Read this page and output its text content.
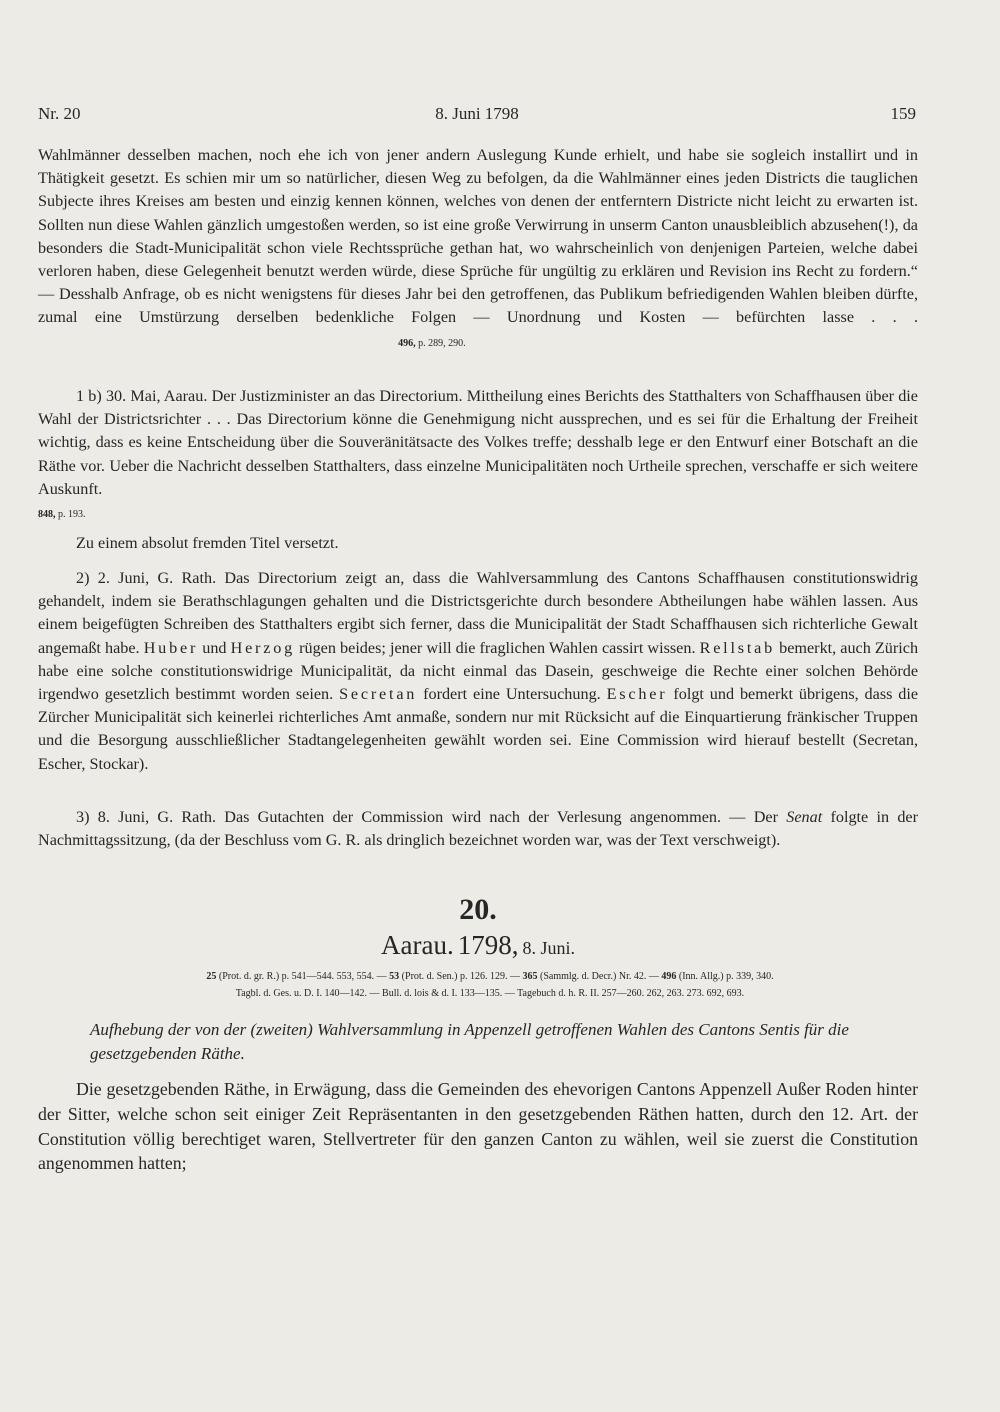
Nr. 20	8. Juni 1798	159

Wahlmänner desselben machen, noch ehe ich von jener andern Auslegung Kunde erhielt, und habe sie sogleich installirt und in Thätigkeit gesetzt. Es schien mir um so natürlicher, diesen Weg zu befolgen, da die Wahlmänner eines jeden Districts die tauglichen Subjecte ihres Kreises am besten und einzig kennen können, welches von denen der entferntern Districte nicht leicht zu erwarten ist. Sollten nun diese Wahlen gänzlich umgestoßen werden, so ist eine große Verwirrung in unserm Canton unausbleiblich abzusehen(!), da besonders die Stadt-Municipalität schon viele Rechtssprüche gethan hat, wo wahrscheinlich von denjenigen Parteien, welche dabei verloren haben, diese Gelegenheit benutzt werden würde, diese Sprüche für ungültig zu erklären und Revision ins Recht zu fordern.“ — Desshalb Anfrage, ob es nicht wenigstens für dieses Jahr bei den getroffenen, das Publikum befriedigenden Wahlen bleiben dürfte, zumal eine Umstürzung derselben bedenkliche Folgen — Unordnung und Kosten — befürchten lasse . . .                                                                                          496, p. 289, 290.

1 b) 30. Mai, Aarau. Der Justizminister an das Directorium. Mittheilung eines Berichts des Statthalters von Schaffhausen über die Wahl der Districtsrichter . . . Das Directorium könne die Genehmigung nicht aussprechen, und es sei für die Erhaltung der Freiheit wichtig, dass es keine Entscheidung über die Souveränitätsacte des Volkes treffe; desshalb lege er den Entwurf einer Botschaft an die Räthe vor. Ueber die Nachricht desselben Statthalters, dass einzelne Municipalitäten noch Urtheile sprechen, verschaffe er sich weitere Auskunft.                                                                                                                                                                                                          848, p. 193.

Zu einem absolut fremden Titel versetzt.

2) 2. Juni, G. Rath. Das Directorium zeigt an, dass die Wahlversammlung des Cantons Schaffhausen constitutionswidrig gehandelt, indem sie Berathschlagungen gehalten und die Districtsgerichte durch besondere Abtheilungen habe wählen lassen. Aus einem beigefügten Schreiben des Statthalters ergibt sich ferner, dass die Municipalität der Stadt Schaffhausen sich richterliche Gewalt angemaßt habe. Huber und Herzog rügen beides; jener will die fraglichen Wahlen cassirt wissen. Rellstab bemerkt, auch Zürich habe eine solche constitutionswidrige Municipalität, da nicht einmal das Dasein, geschweige die Rechte einer solchen Behörde irgendwo gesetzlich bestimmt worden seien. Secretan fordert eine Untersuchung. Escher folgt und bemerkt übrigens, dass die Zürcher Municipalität sich keinerlei richterliches Amt anmaße, sondern nur mit Rücksicht auf die Einquartierung fränkischer Truppen und die Besorgung ausschließlicher Stadtangelegenheiten gewählt worden sei. Eine Commission wird hierauf bestellt (Secretan, Escher, Stockar).

3) 8. Juni, G. Rath. Das Gutachten der Commission wird nach der Verlesung angenommen. — Der Senat folgte in der Nachmittagssitzung, (da der Beschluss vom G. R. als dringlich bezeichnet worden war, was der Text verschweigt).

20.
Aarau. 1798, 8. Juni.
25 (Prot. d. gr. R.) p. 541—544. 553, 554. — 53 (Prot. d. Sen.) p. 126. 129. — 365 (Sammlg. d. Decr.) Nr. 42. — 496 (Inn. Allg.) p. 339, 340.
Tagbl. d. Ges. u. D. I. 140—142. — Bull. d. lois & d. I. 133—135. — Tagebuch d. h. R. II. 257—260. 262, 263. 273. 692, 693.
Aufhebung der von der (zweiten) Wahlversammlung in Appenzell getroffenen Wahlen des Cantons Sentis für die gesetzgebenden Räthe.

Die gesetzgebenden Räthe, in Erwägung, dass die Gemeinden des ehevorigen Cantons Appenzell Außer Roden hinter der Sitter, welche schon seit einiger Zeit Repräsentanten in den gesetzgebenden Räthen hatten, durch den 12. Art. der Constitution völlig berechtiget waren, Stellvertreter für den ganzen Canton zu wählen, weil sie zuerst die Constitution angenommen hatten;
